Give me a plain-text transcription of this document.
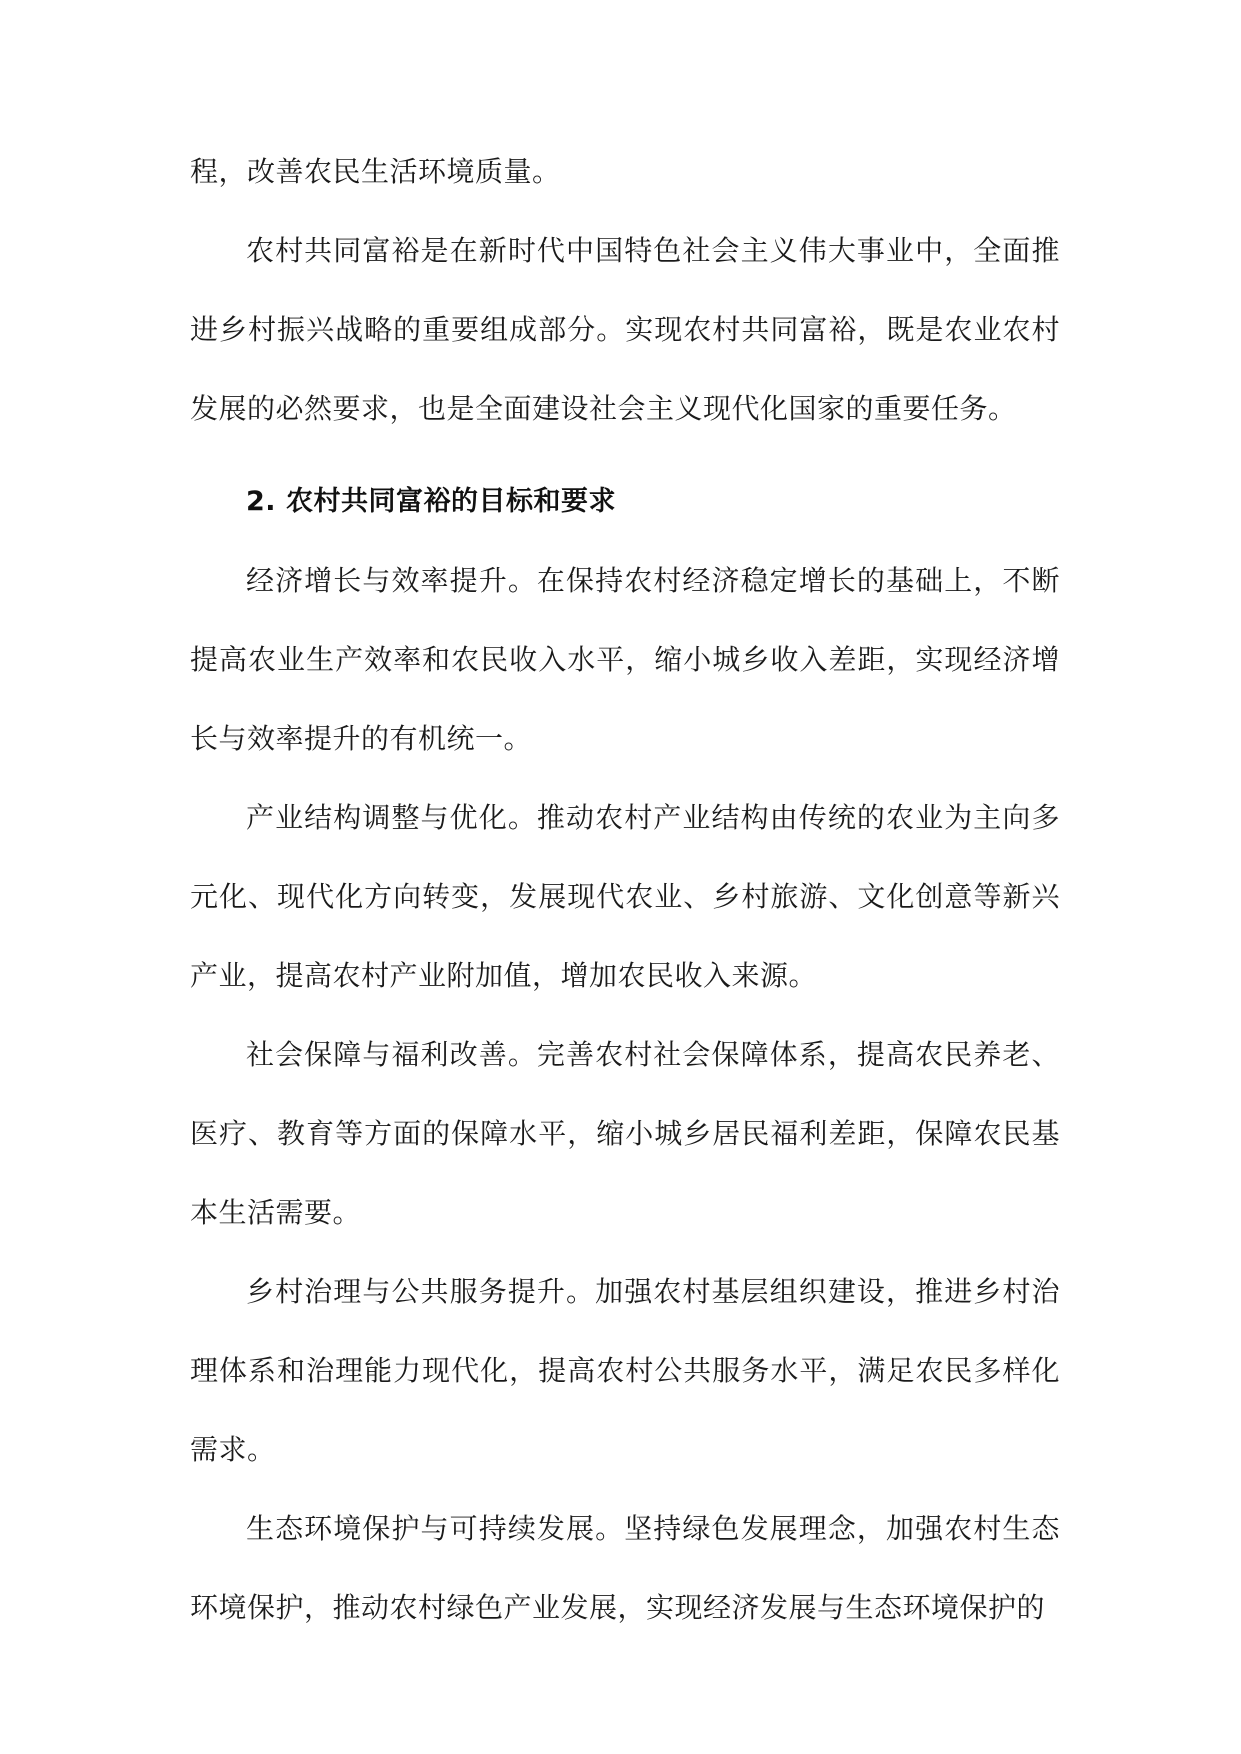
程，改善农民生活环境质量。

农村共同富裕是在新时代中国特色社会主义伟大事业中，全面推进乡村振兴战略的重要组成部分。实现农村共同富裕，既是农业农村发展的必然要求，也是全面建设社会主义现代化国家的重要任务。

2. 农村共同富裕的目标和要求

经济增长与效率提升。在保持农村经济稳定增长的基础上，不断提高农业生产效率和农民收入水平，缩小城乡收入差距，实现经济增长与效率提升的有机统一。

产业结构调整与优化。推动农村产业结构由传统的农业为主向多元化、现代化方向转变，发展现代农业、乡村旅游、文化创意等新兴产业，提高农村产业附加值，增加农民收入来源。

社会保障与福利改善。完善农村社会保障体系，提高农民养老、医疗、教育等方面的保障水平，缩小城乡居民福利差距，保障农民基本生活需要。

乡村治理与公共服务提升。加强农村基层组织建设，推进乡村治理体系和治理能力现代化，提高农村公共服务水平，满足农民多样化需求。

生态环境保护与可持续发展。坚持绿色发展理念，加强农村生态环境保护，推动农村绿色产业发展，实现经济发展与生态环境保护的
